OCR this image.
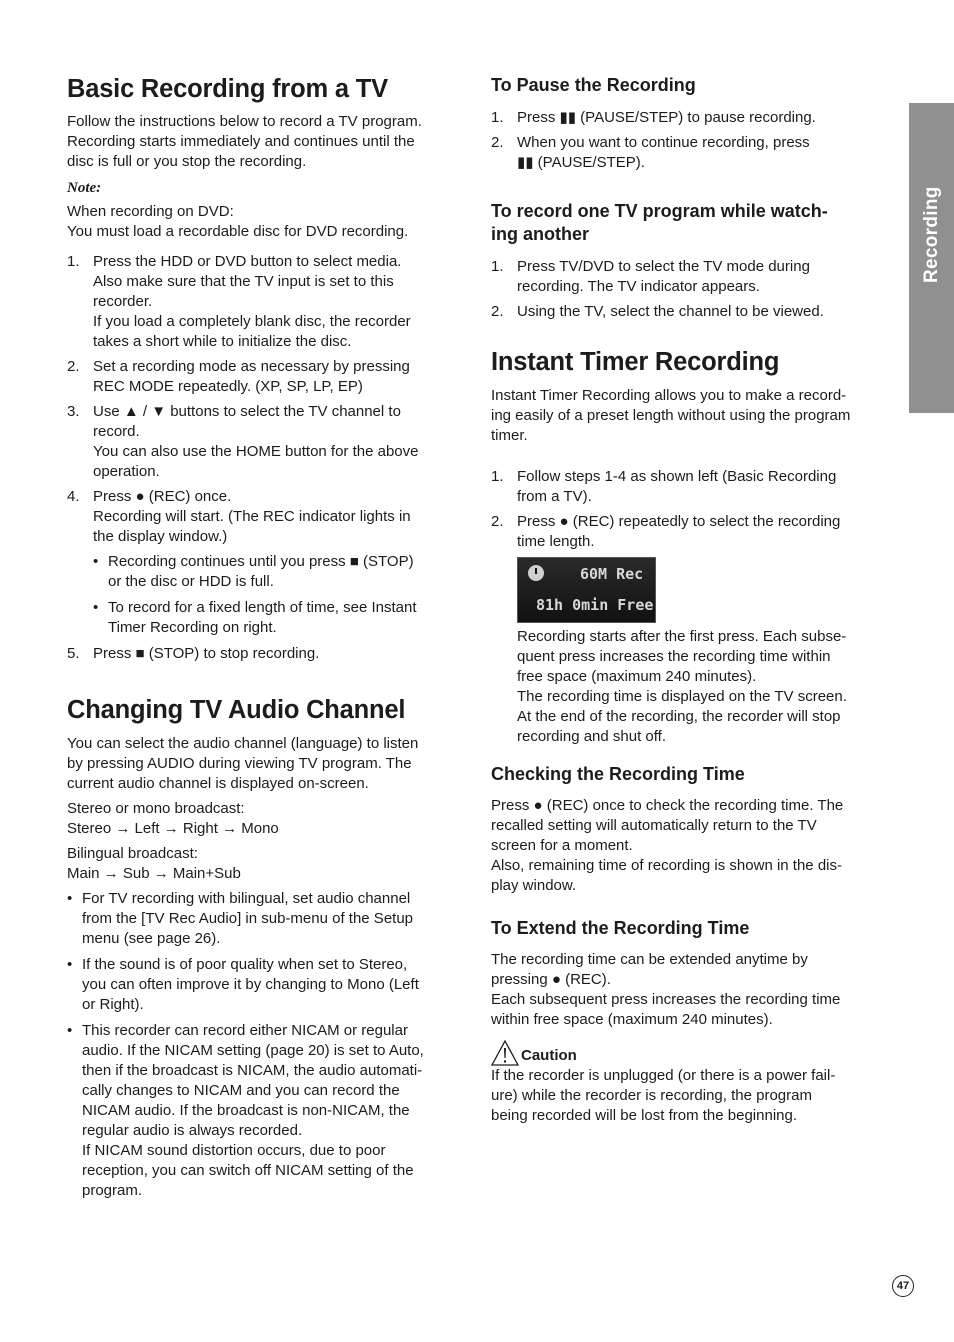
Basic Recording from a TV
Follow the instructions below to record a TV program.
Recording starts immediately and continues until the
disc is full or you stop the recording.
Note:
When recording on DVD:
You must load a recordable disc for DVD recording.
1. Press the HDD or DVD button to select media.
Also make sure that the TV input is set to this
recorder.
If you load a completely blank disc, the recorder
takes a short while to initialize the disc.
2. Set a recording mode as necessary by pressing
REC MODE repeatedly. (XP, SP, LP, EP)
3. Use ▲ / ▼ buttons to select the TV channel to
record.
You can also use the HOME button for the above
operation.
4. Press ● (REC) once.
Recording will start. (The REC indicator lights in
the display window.)
• Recording continues until you press ■ (STOP)
or the disc or HDD is full.
• To record for a fixed length of time, see Instant
Timer Recording on right.
5. Press ■ (STOP) to stop recording.
Changing TV Audio Channel
You can select the audio channel (language) to listen
by pressing AUDIO during viewing TV program. The
current audio channel is displayed on-screen.
Stereo or mono broadcast:
Stereo → Left → Right → Mono
Bilingual broadcast:
Main → Sub → Main+Sub
• For TV recording with bilingual, set audio channel
from the [TV Rec Audio] in sub-menu of the Setup
menu (see page 26).
• If the sound is of poor quality when set to Stereo,
you can often improve it by changing to Mono (Left
or Right).
• This recorder can record either NICAM or regular
audio. If the NICAM setting (page 20) is set to Auto,
then if the broadcast is NICAM, the audio automati-
cally changes to NICAM and you can record the
NICAM audio. If the broadcast is non-NICAM, the
regular audio is always recorded.
If NICAM sound distortion occurs, due to poor
reception, you can switch off NICAM setting of the
program.
To Pause the Recording
1. Press ▮▮ (PAUSE/STEP) to pause recording.
2. When you want to continue recording, press
▮▮ (PAUSE/STEP).
To record one TV program while watch-
ing another
1. Press TV/DVD to select the TV mode during
recording. The TV indicator appears.
2. Using the TV, select the channel to be viewed.
Instant Timer Recording
Instant Timer Recording allows you to make a record-
ing easily of a preset length without using the program
timer.
1. Follow steps 1-4 as shown left (Basic Recording
from a TV).
2. Press ● (REC) repeatedly to select the recording
time length.
60M Rec
81h 0min Free
Recording starts after the first press. Each subse-
quent press increases the recording time within
free space (maximum 240 minutes).
The recording time is displayed on the TV screen.
At the end of the recording, the recorder will stop
recording and shut off.
Checking the Recording Time
Press ● (REC) once to check the recording time. The
recalled setting will automatically return to the TV
screen for a moment.
Also, remaining time of recording is shown in the dis-
play window.
To Extend the Recording Time
The recording time can be extended anytime by
pressing ● (REC).
Each subsequent press increases the recording time
within free space (maximum 240 minutes).
Caution
If the recorder is unplugged (or there is a power fail-
ure) while the recorder is recording, the program
being recorded will be lost from the beginning.
Recording
47
